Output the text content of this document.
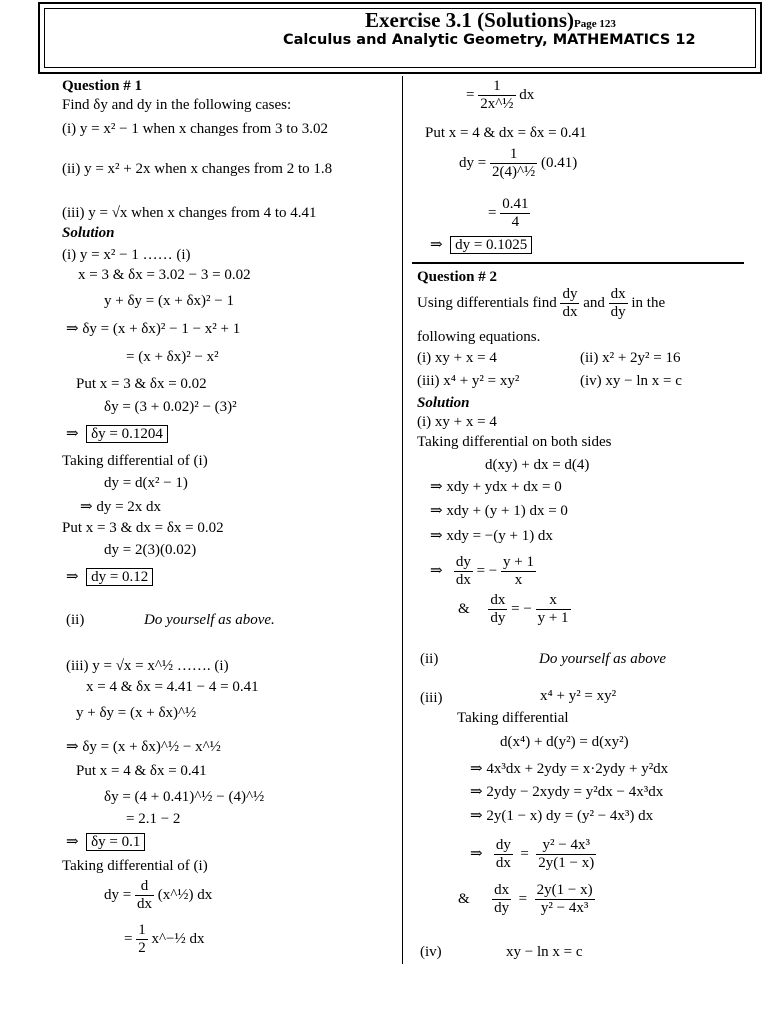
Exercise 3.1 (Solutions)Page 123
Calculus and Analytic Geometry, MATHEMATICS 12
Question # 1
Find δy and dy in the following cases:
(i) y = x² − 1 when x changes from 3 to 3.02
(ii) y = x² + 2x when x changes from 2 to 1.8
(iii) y = √x when x changes from 4 to 4.41
Solution
(i) y = x² − 1 …… (i)
x = 3 & δx = 3.02 − 3 = 0.02
y + δy = (x + δx)² − 1
⇒ δy = (x + δx)² − 1 − x² + 1
= (x + δx)² − x²
Put x = 3 & δx = 0.02
δy = (3 + 0.02)² − (3)²
⇒ δy = 0.1204
Taking differential of (i)
dy = d(x² − 1)
⇒ dy = 2x dx
Put x = 3 & dx = δx = 0.02
dy = 2(3)(0.02)
⇒ dy = 0.12
(ii)	Do yourself as above.
(iii) y = √x = x^½ ……. (i)
x = 4 & δx = 4.41 − 4 = 0.41
y + δy = (x + δx)^½
⇒ δy = (x + δx)^½ − x^½
Put x = 4 & δx = 0.41
δy = (4 + 0.41)^½ − (4)^½
= 2.1 − 2
⇒ δy = 0.1
Taking differential of (i)
dy = $\frac{d}{dx}$ (x^½) dx
= $\frac{1}{2}$ x^−½ dx
= $\frac{1}{\text{2x\textasciicircum{}½}}$ dx
Put x = 4 & dx = δx = 0.41
dy = $\frac{1}{\text{2(4)\textasciicircum{}½}} (0.41)$
= $\frac{0.41}{4}$
⇒ dy = 0.1025
Question # 2
Using differentials find $\frac{dy}{dx}$ and $\frac{dx}{dy}$ in the
following equations.
(i) xy + x = 4	(ii) x² + 2y² = 16
(iii) x⁴ + y² = xy²	(iv) xy − ln x = c
Solution
(i) xy + x = 4
Taking differential on both sides
d(xy) + dx = d(4)
⇒ xdy + ydx + dx = 0
⇒ xdy + (y + 1) dx = 0
⇒ xdy = −(y + 1) dx
⇒ $\frac{dy}{dx}$ = − $\frac{y + 1}{x}$
& $\frac{dx}{dy}$ = − $\frac{x}{y + 1}$
(ii)	Do yourself as above
(iii)	x⁴ + y² = xy²
Taking differential
d(x⁴) + d(y²) = d(xy²)
⇒ 4x³dx + 2ydy = x·2ydy + y²dx
⇒ 2ydy − 2xydy = y²dx − 4x³dx
⇒ 2y(1 − x) dy = (y² − 4x³) dx
⇒ $\frac{dy}{dx} = \frac{\text{y² − 4x³}}{2y(1 - x)}$
& $\frac{dx}{dy} = \frac{2y(1 - x)}{\text{y² − 4x³}}$
(iv)	xy − ln x = c
